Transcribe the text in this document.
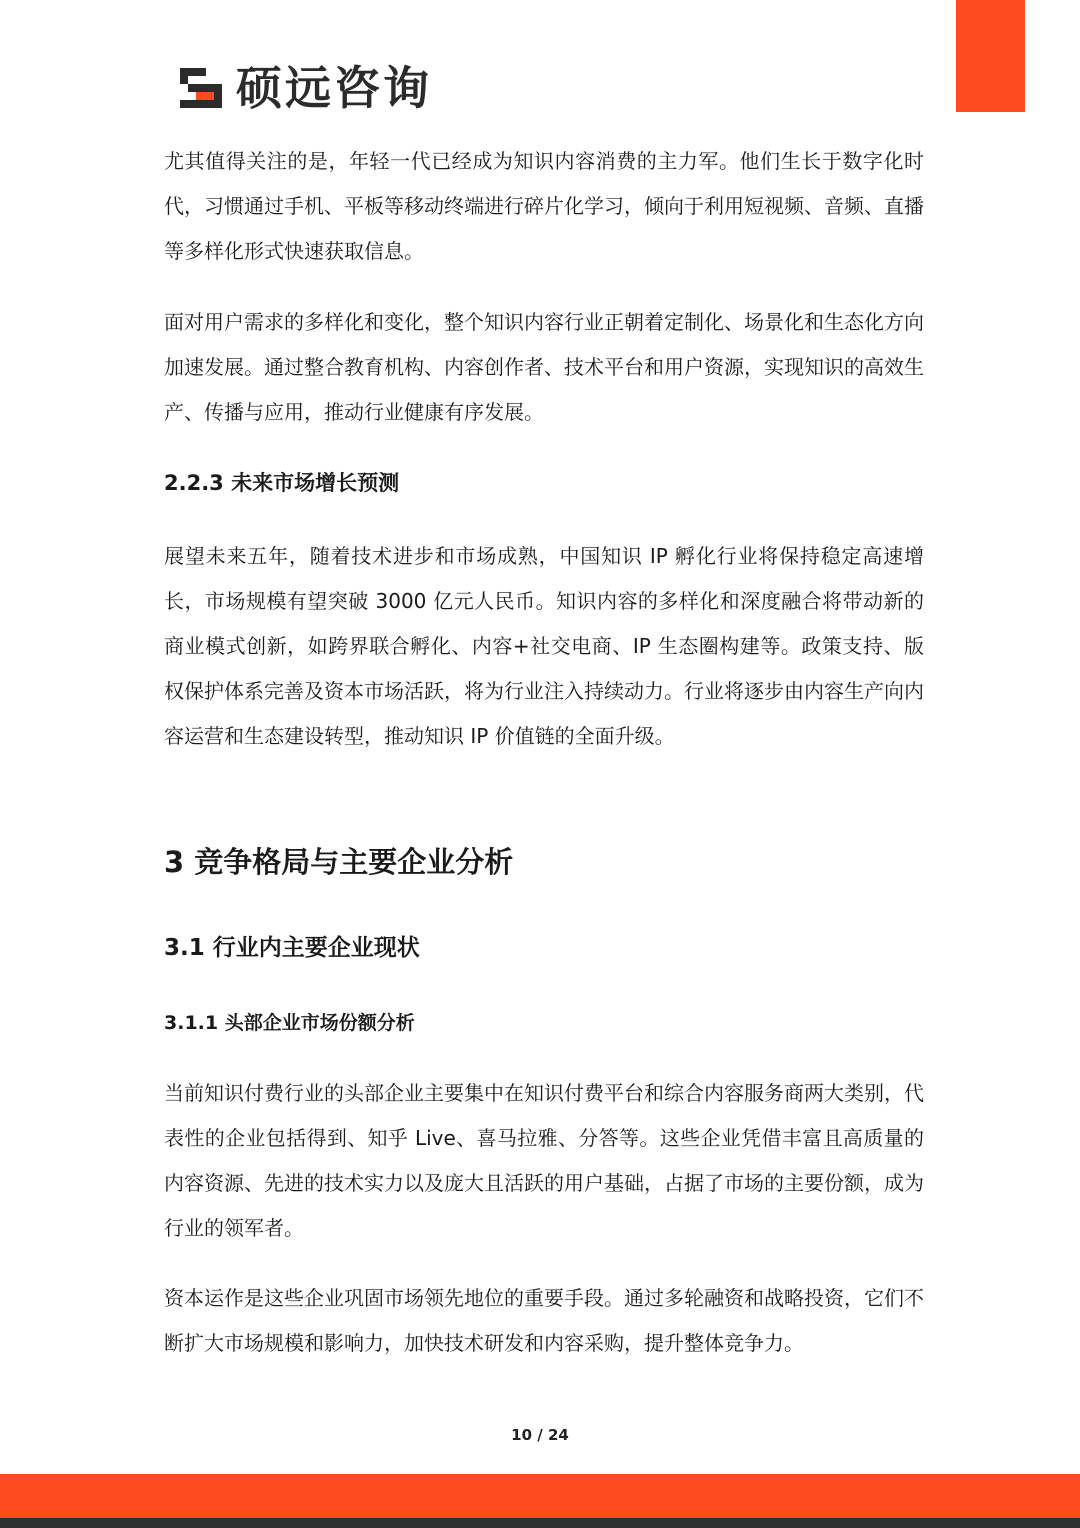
硕远咨询

尤其值得关注的是，年轻一代已经成为知识内容消费的主力军。他们生长于数字化时代，习惯通过手机、平板等移动终端进行碎片化学习，倾向于利用短视频、音频、直播等多样化形式快速获取信息。

面对用户需求的多样化和变化，整个知识内容行业正朝着定制化、场景化和生态化方向加速发展。通过整合教育机构、内容创作者、技术平台和用户资源，实现知识的高效生产、传播与应用，推动行业健康有序发展。

2.2.3 未来市场增长预测

展望未来五年，随着技术进步和市场成熟，中国知识 IP 孵化行业将保持稳定高速增长，市场规模有望突破 3000 亿元人民币。知识内容的多样化和深度融合将带动新的商业模式创新，如跨界联合孵化、内容+社交电商、IP 生态圈构建等。政策支持、版权保护体系完善及资本市场活跃，将为行业注入持续动力。行业将逐步由内容生产向内容运营和生态建设转型，推动知识 IP 价值链的全面升级。

3 竞争格局与主要企业分析
3.1 行业内主要企业现状
3.1.1 头部企业市场份额分析

当前知识付费行业的头部企业主要集中在知识付费平台和综合内容服务商两大类别，代表性的企业包括得到、知乎 Live、喜马拉雅、分答等。这些企业凭借丰富且高质量的内容资源、先进的技术实力以及庞大且活跃的用户基础，占据了市场的主要份额，成为行业的领军者。

资本运作是这些企业巩固市场领先地位的重要手段。通过多轮融资和战略投资，它们不断扩大市场规模和影响力，加快技术研发和内容采购，提升整体竞争力。

10 / 24
